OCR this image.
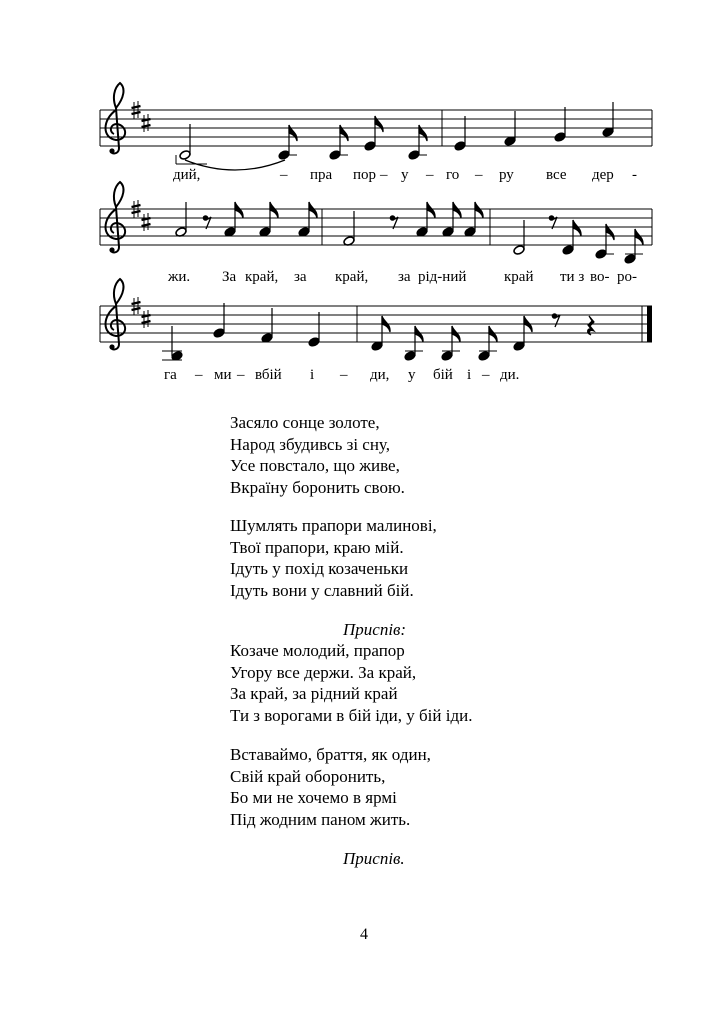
дий,	пра пор у	го	ру все дер -
–	–	–	–
жи. За край, за край, за рід-ний	край ти з во- ро-
га ми вбій і	ди, у бій і ди.
– –	–	–
Засяло сонце золоте,
Народ збудивсь зі сну,
Усе повстало, що живе,
Вкраїну боронить свою.
Шумлять прапори малинові,
Твої прапори, краю мій.
Ідуть у похід козаченьки
Ідуть вони у славний бій.
Приспів:
Козаче молодий, прапор
Угору все держи. За край,
За край, за рідний край
Ти з ворогами в бій іди, у бій іди.
Вставаймо, браття, як один,
Свій край оборонить,
Бо ми не хочемо в ярмі
Під жодним паном жить.
Приспів.
4
